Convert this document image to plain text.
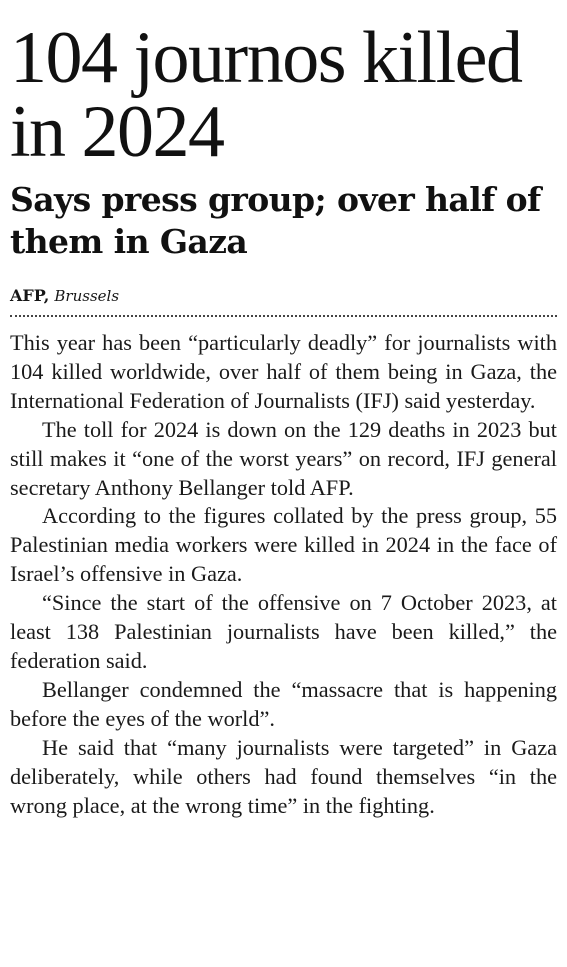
104 journos killed in 2024
Says press group; over half of them in Gaza
AFP, Brussels

This year has been “particularly deadly” for journalists with 104 killed worldwide, over half of them being in Gaza, the International Federation of Journalists (IFJ) said yesterday.

The toll for 2024 is down on the 129 deaths in 2023 but still makes it “one of the worst years” on record, IFJ general secretary Anthony Bellanger told AFP.

According to the figures collated by the press group, 55 Palestinian media workers were killed in 2024 in the face of Israel’s offensive in Gaza.

“Since the start of the offensive on 7 October 2023, at least 138 Palestinian journalists have been killed,” the federation said.

Bellanger condemned the “massacre that is happening before the eyes of the world”.

He said that “many journalists were targeted” in Gaza deliberately, while others had found themselves “in the wrong place, at the wrong time” in the fighting.
